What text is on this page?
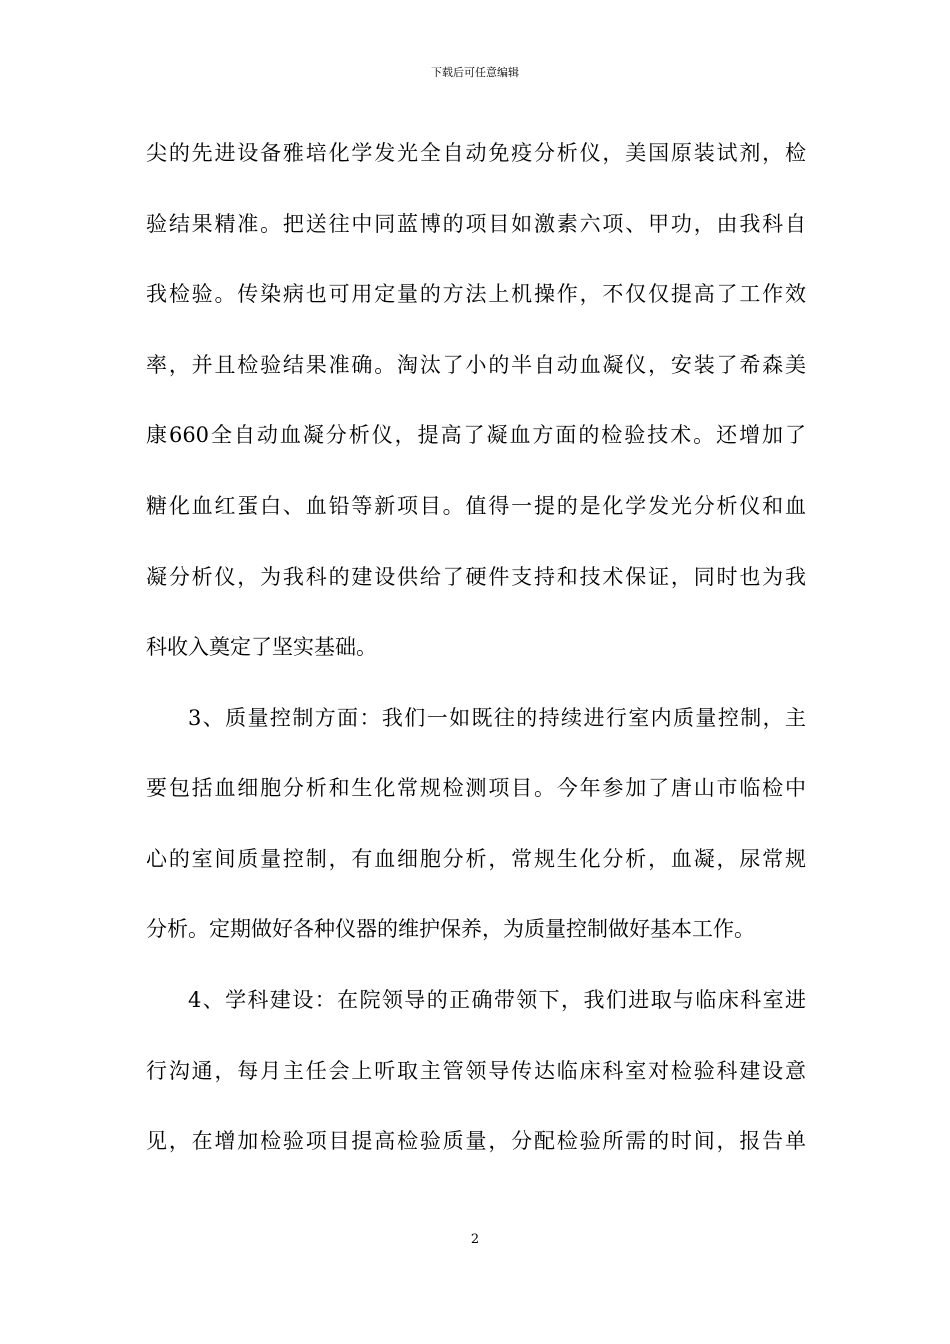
下载后可任意编辑
尖的先进设备雅培化学发光全自动免疫分析仪，美国原装试剂，检
验结果精准。把送往中同蓝博的项目如激素六项、甲功，由我科自
我检验。传染病也可用定量的方法上机操作，不仅仅提高了工作效
率，并且检验结果准确。淘汰了小的半自动血凝仪，安装了希森美
康660全自动血凝分析仪，提高了凝血方面的检验技术。还增加了
糖化血红蛋白、血铅等新项目。值得一提的是化学发光分析仪和血
凝分析仪，为我科的建设供给了硬件支持和技术保证，同时也为我
科收入奠定了坚实基础。
3、质量控制方面：我们一如既往的持续进行室内质量控制，主
要包括血细胞分析和生化常规检测项目。今年参加了唐山市临检中
心的室间质量控制，有血细胞分析，常规生化分析，血凝，尿常规
分析。定期做好各种仪器的维护保养，为质量控制做好基本工作。
4、学科建设：在院领导的正确带领下，我们进取与临床科室进
行沟通，每月主任会上听取主管领导传达临床科室对检验科建设意
见，在增加检验项目提高检验质量，分配检验所需的时间，报告单
2
